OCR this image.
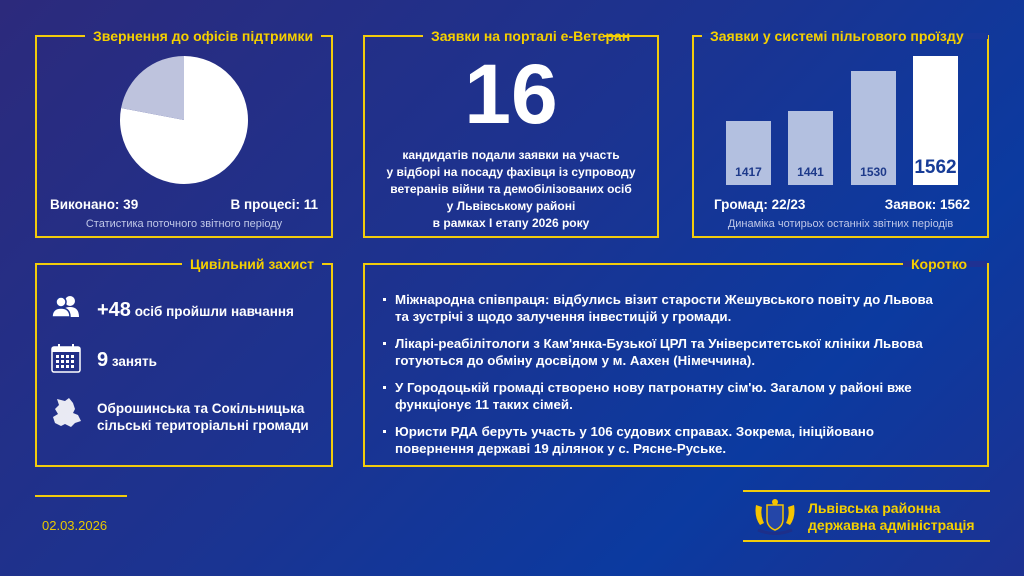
Звернення до офісів підтримки
Виконано: 39	В процесі: 11
Статистика поточного звітного періоду
Заявки на порталі е-Ветеран
16
кандидатів подали заявки на участь
у відборі на посаду фахівця із супроводу
ветеранів війни та демобілізованих осіб
у Львівському районі
в рамках І етапу 2026 року
Заявки у системі пільгового проїзду
1417	1441	1530	1562
Громад: 22/23	Заявок: 1562
Динаміка чотирьох останніх звітних періодів
Цивільний захист
+48 осіб пройшли навчання
9 занять
Оброшинська та Сокільницька
сільські територіальні громади
Коротко
Міжнародна співпраця: відбулись візит старости Жешувського повіту до Львова
та зустрічі з щодо залучення інвестицій у громади.
Лікарі-реабілітологи з Кам'янка-Бузької ЦРЛ та Університетської клініки Львова
готуються до обміну досвідом у м. Аахен (Німеччина).
У Городоцькій громаді створено нову патронатну сім'ю. Загалом у районі вже
функціонує 11 таких сімей.
Юристи РДА беруть участь у 106 судових справах. Зокрема, ініційовано
повернення державі 19 ділянок у с. Рясне-Руське.
02.03.2026
Львівська районна
державна адміністрація
